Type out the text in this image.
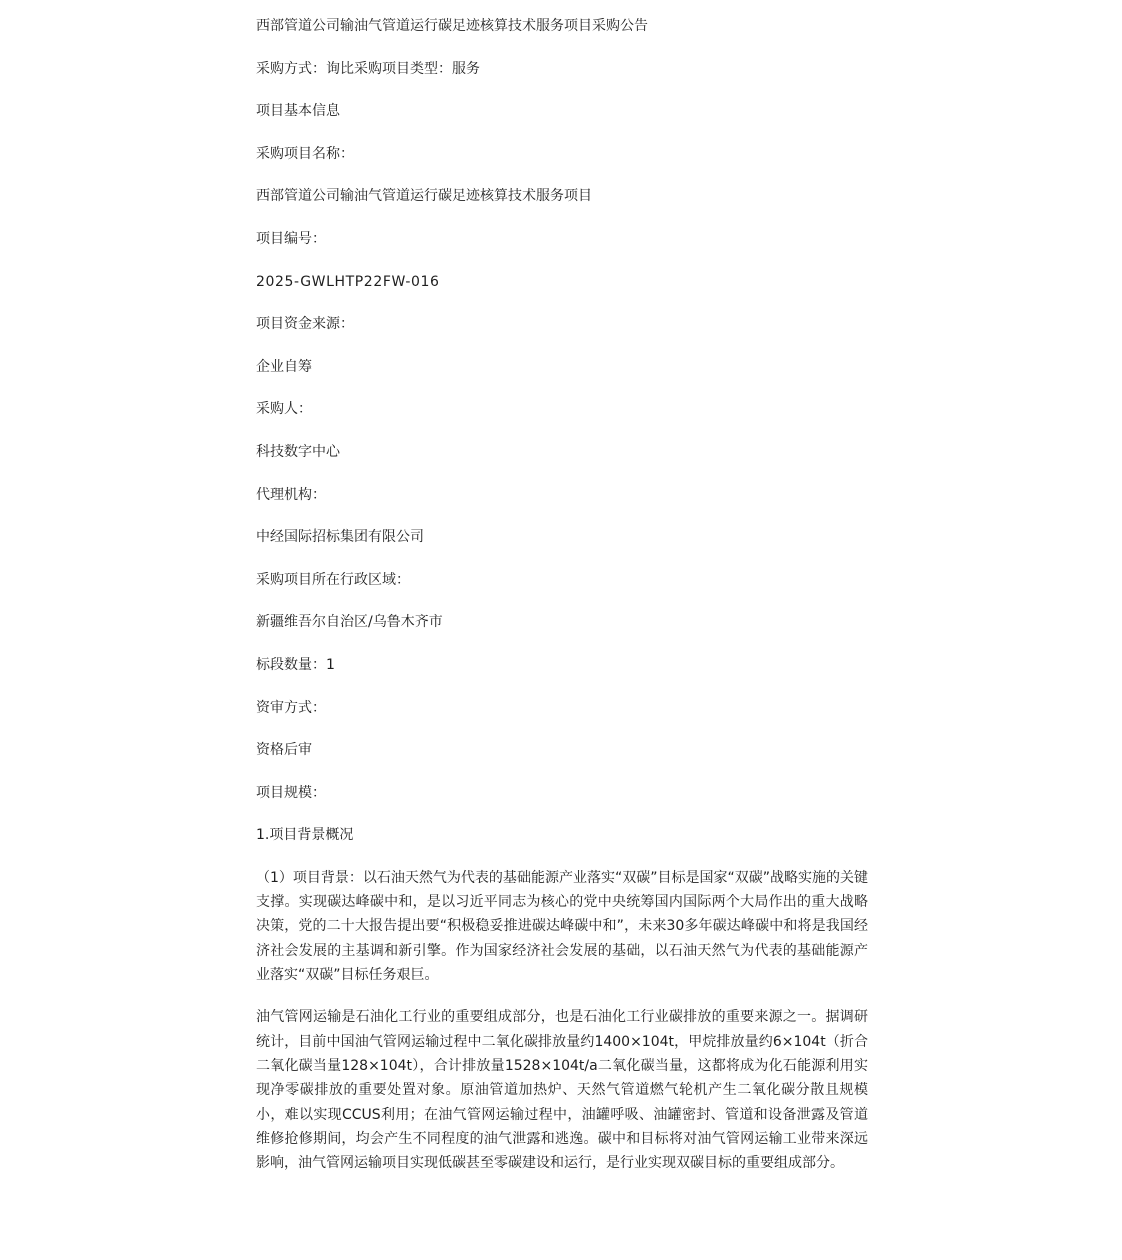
西部管道公司输油气管道运行碳足迹核算技术服务项目采购公告
采购方式：询比采购项目类型：服务
项目基本信息
采购项目名称：
西部管道公司输油气管道运行碳足迹核算技术服务项目
项目编号：
2025-GWLHTP22FW-016
项目资金来源：
企业自筹
采购人：
科技数字中心
代理机构：
中经国际招标集团有限公司
采购项目所在行政区域：
新疆维吾尔自治区/乌鲁木齐市
标段数量：1
资审方式：
资格后审
项目规模：
1.项目背景概况
（1）项目背景：以石油天然气为代表的基础能源产业落实“双碳”目标是国家“双碳”战略实施的关键支撑。实现碳达峰碳中和，是以习近平同志为核心的党中央统筹国内国际两个大局作出的重大战略决策，党的二十大报告提出要“积极稳妥推进碳达峰碳中和”，未来30多年碳达峰碳中和将是我国经济社会发展的主基调和新引擎。作为国家经济社会发展的基础，以石油天然气为代表的基础能源产业落实“双碳”目标任务艰巨。
油气管网运输是石油化工行业的重要组成部分，也是石油化工行业碳排放的重要来源之一。据调研统计，目前中国油气管网运输过程中二氧化碳排放量约1400×104t，甲烷排放量约6×104t（折合二氧化碳当量128×104t），合计排放量1528×104t/a二氧化碳当量，这都将成为化石能源利用实现净零碳排放的重要处置对象。原油管道加热炉、天然气管道燃气轮机产生二氧化碳分散且规模小，难以实现CCUS利用；在油气管网运输过程中，油罐呼吸、油罐密封、管道和设备泄露及管道维修抢修期间，均会产生不同程度的油气泄露和逃逸。碳中和目标将对油气管网运输工业带来深远影响，油气管网运输项目实现低碳甚至零碳建设和运行，是行业实现双碳目标的重要组成部分。
